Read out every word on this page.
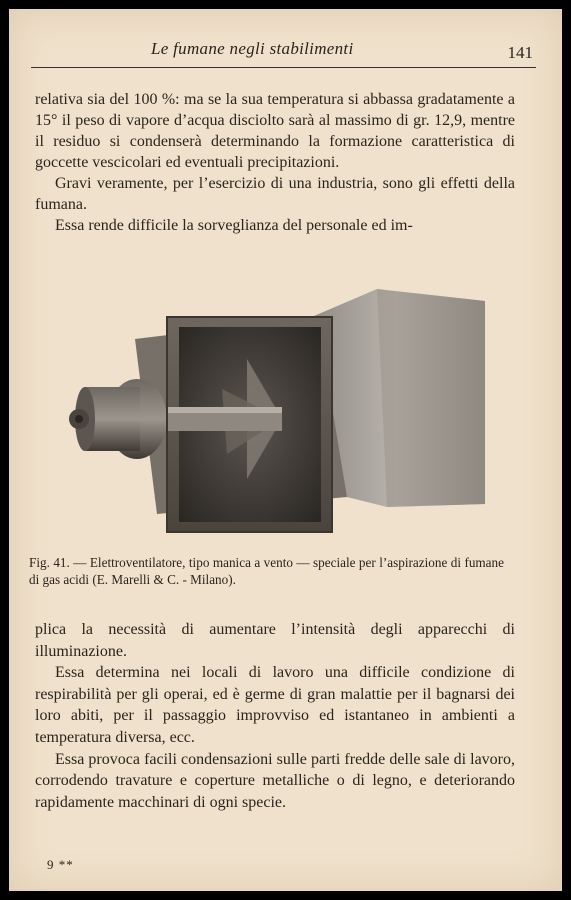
Le fumane negli stabilimenti	141

relativa sia del 100 %: ma se la sua temperatura si abbassa gradatamente a 15° il peso di vapore d’acqua disciolto sarà al massimo di gr. 12,9, mentre il residuo si condenserà determinando la formazione caratteristica di goccette vescicolari ed eventuali precipitazioni.

Gravi veramente, per l’esercizio di una industria, sono gli effetti della fumana.

Essa rende difficile la sorveglianza del personale ed im-

Fig. 41. — Elettroventilatore, tipo manica a vento — speciale per l’aspirazione di fumane di gas acidi (E. Marelli & C. - Milano).

plica la necessità di aumentare l’intensità degli apparecchi di illuminazione.

Essa determina nei locali di lavoro una difficile condizione di respirabilità per gli operai, ed è germe di gran malattie per il bagnarsi dei loro abiti, per il passaggio improvviso ed istantaneo in ambienti a temperatura diversa, ecc.

Essa provoca facili condensazioni sulle parti fredde delle sale di lavoro, corrodendo travature e coperture metalliche o di legno, e deteriorando rapidamente macchinari di ogni specie.

9 **
